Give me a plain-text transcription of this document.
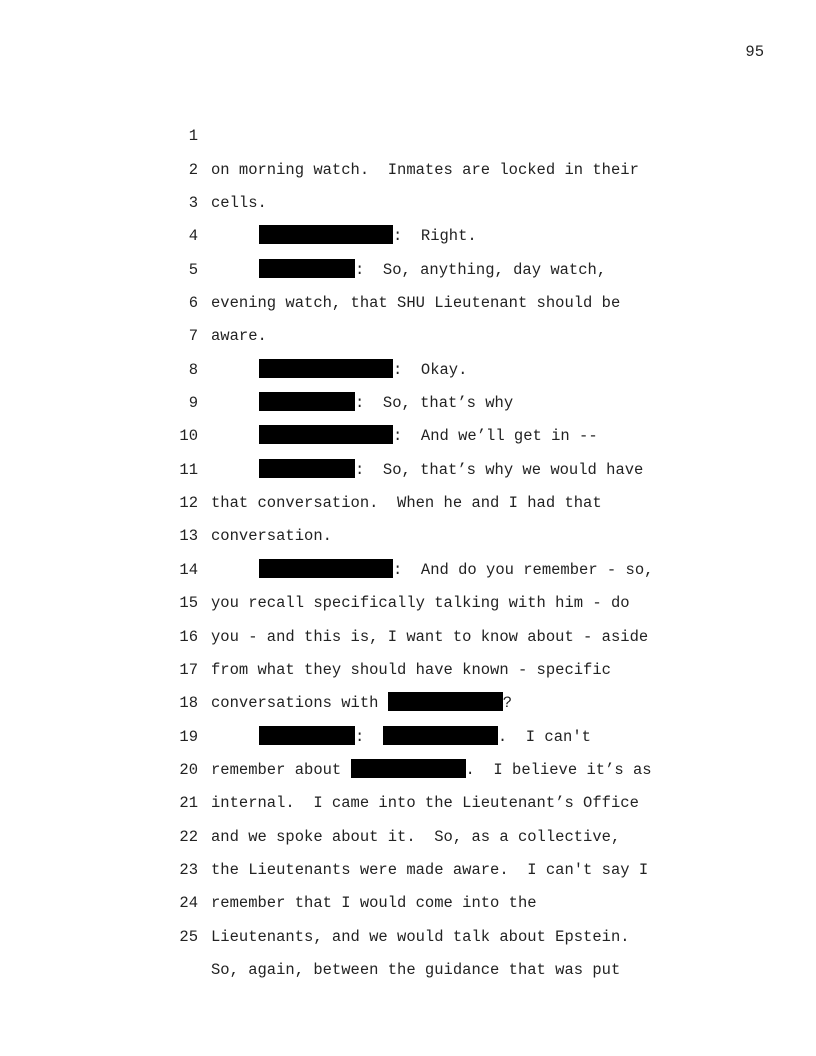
95

1

on morning watch.  Inmates are locked in their

2

cells.

3

:  Right.

4

:  So, anything, day watch,

5

evening watch, that SHU Lieutenant should be

6

aware.

7

:  Okay.

8

:  So, that’s why

9

:  And we’ll get in --

10

:  So, that’s why we would have

11

that conversation.  When he and I had that

12

conversation.

13

:  And do you remember - so,

14

you recall specifically talking with him - do

15

you - and this is, I want to know about - aside

16

from what they should have known - specific

17

conversations with	?

18

:	.  I can't

19

remember about	.  I believe it’s as

20

internal.  I came into the Lieutenant’s Office

21

and we spoke about it.  So, as a collective,

22

the Lieutenants were made aware.  I can't say I

23

remember that I would come into the

24

Lieutenants, and we would talk about Epstein.

25

So, again, between the guidance that was put
